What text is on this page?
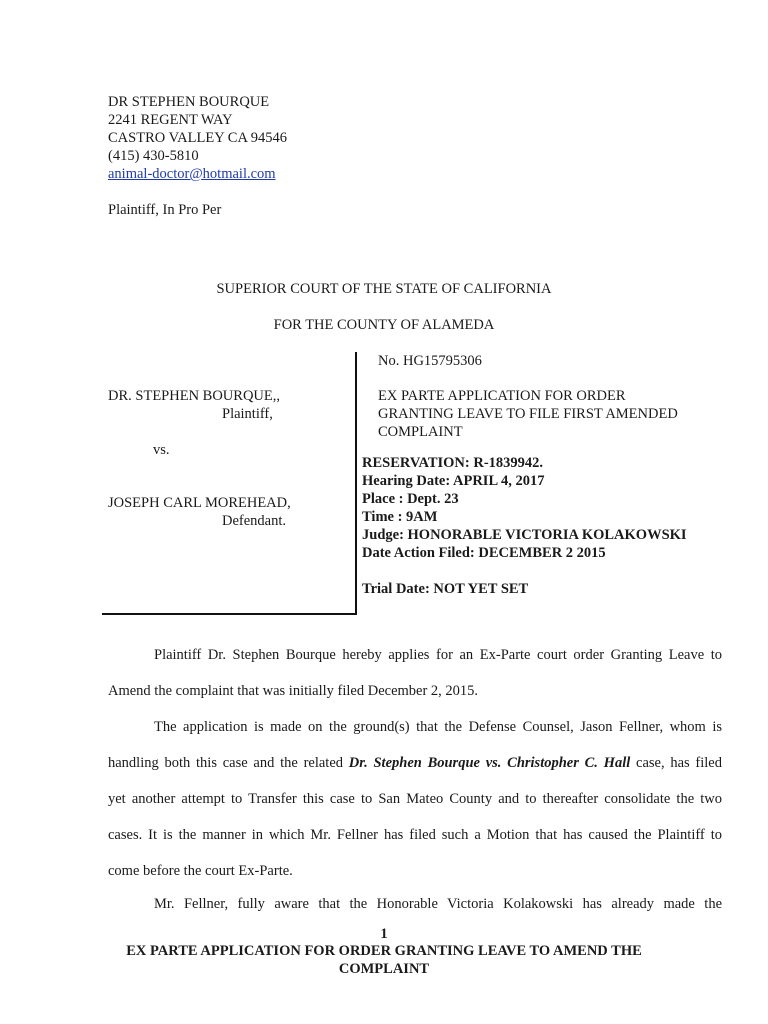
DR STEPHEN BOURQUE
2241 REGENT WAY
CASTRO VALLEY CA 94546
(415) 430-5810
animal-doctor@hotmail.com
Plaintiff, In Pro Per
SUPERIOR COURT OF THE STATE OF CALIFORNIA
FOR THE COUNTY OF ALAMEDA
DR. STEPHEN BOURQUE,,
Plaintiff,
vs.
JOSEPH CARL MOREHEAD,
Defendant.
No. HG15795306
EX PARTE APPLICATION FOR ORDER
GRANTING LEAVE TO FILE FIRST AMENDED
COMPLAINT
RESERVATION: R-1839942.
Hearing Date: APRIL 4, 2017
Place : Dept. 23
Time : 9AM
Judge: HONORABLE VICTORIA KOLAKOWSKI
Date Action Filed: DECEMBER 2 2015
Trial Date: NOT YET SET
Plaintiff Dr. Stephen Bourque hereby applies for an Ex-Parte court order Granting Leave to
Amend the complaint that was initially filed December 2, 2015.
The application is made on the ground(s) that the Defense Counsel, Jason Fellner, whom is
handling both this case and the related Dr. Stephen Bourque vs. Christopher C. Hall case, has filed
yet another attempt to Transfer this case to San Mateo County and to thereafter consolidate the two
cases. It is the manner in which Mr. Fellner has filed such a Motion that has caused the Plaintiff to
come before the court Ex-Parte.
Mr. Fellner, fully aware that the Honorable Victoria Kolakowski has already made the
1
EX PARTE APPLICATION FOR ORDER GRANTING LEAVE TO AMEND THE
COMPLAINT
